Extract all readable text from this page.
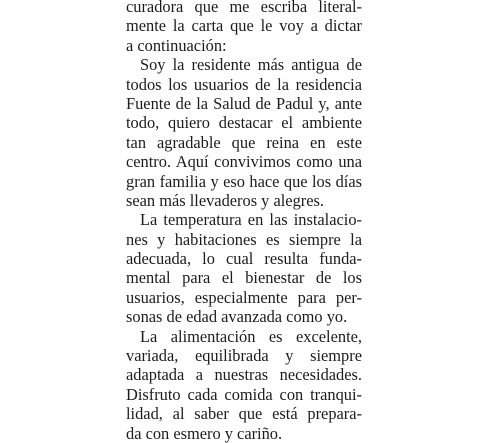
curadora que me escriba literal-
mente la carta que le voy a dictar
a continuación:
Soy la residente más antigua de
todos los usuarios de la residencia
Fuente de la Salud de Padul y, ante
todo, quiero destacar el ambiente
tan agradable que reina en este
centro. Aquí convivimos como una
gran familia y eso hace que los días
sean más llevaderos y alegres.
La temperatura en las instalacio-
nes y habitaciones es siempre la
adecuada, lo cual resulta funda-
mental para el bienestar de los
usuarios, especialmente para per-
sonas de edad avanzada como yo.
La alimentación es excelente,
variada, equilibrada y siempre
adaptada a nuestras necesidades.
Disfruto cada comida con tranqui-
lidad, al saber que está prepara-
da con esmero y cariño.
